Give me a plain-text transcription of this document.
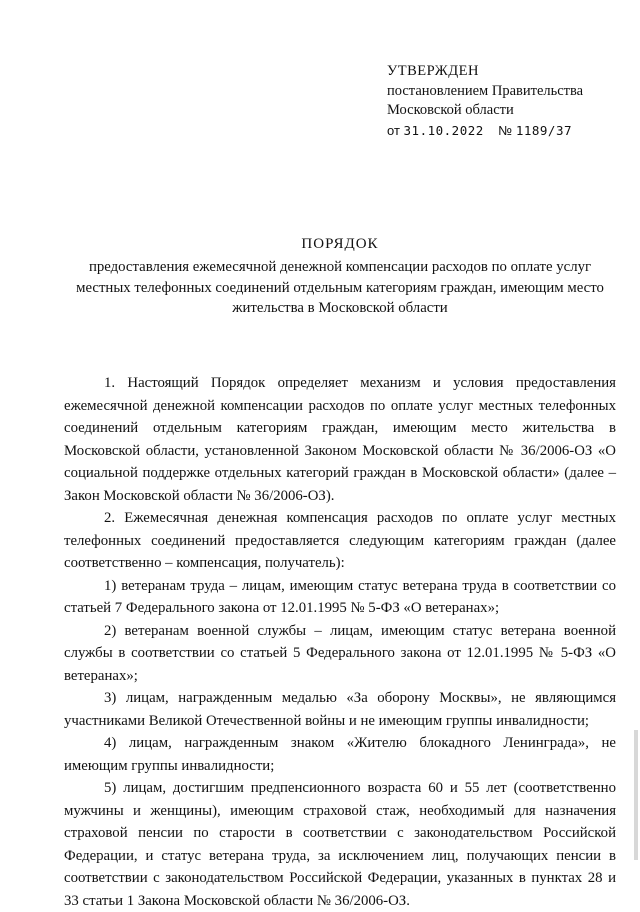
УТВЕРЖДЕН
постановлением Правительства
Московской области
от 31.10.2022 № 1189/37
ПОРЯДОК
предоставления ежемесячной денежной компенсации расходов по оплате услуг местных телефонных соединений отдельным категориям граждан, имеющим место жительства в Московской области

1. Настоящий Порядок определяет механизм и условия предоставления ежемесячной денежной компенсации расходов по оплате услуг местных телефонных соединений отдельным категориям граждан, имеющим место жительства в Московской области, установленной Законом Московской области № 36/2006-ОЗ «О социальной поддержке отдельных категорий граждан в Московской области» (далее – Закон Московской области № 36/2006-ОЗ).

2. Ежемесячная денежная компенсация расходов по оплате услуг местных телефонных соединений предоставляется следующим категориям граждан (далее соответственно – компенсация, получатель):

1) ветеранам труда – лицам, имеющим статус ветерана труда в соответствии со статьей 7 Федерального закона от 12.01.1995 № 5-ФЗ «О ветеранах»;

2) ветеранам военной службы – лицам, имеющим статус ветерана военной службы в соответствии со статьей 5 Федерального закона от 12.01.1995 № 5-ФЗ «О ветеранах»;

3) лицам, награжденным медалью «За оборону Москвы», не являющимся участниками Великой Отечественной войны и не имеющим группы инвалидности;

4) лицам, награжденным знаком «Жителю блокадного Ленинграда», не имеющим группы инвалидности;

5) лицам, достигшим предпенсионного возраста 60 и 55 лет (соответственно мужчины и женщины), имеющим страховой стаж, необходимый для назначения страховой пенсии по старости в соответствии с законодательством Российской Федерации, и статус ветерана труда, за исключением лиц, получающих пенсии в соответствии с законодательством Российской Федерации, указанных в пунктах 28 и 33 статьи 1 Закона Московской области № 36/2006-ОЗ.
